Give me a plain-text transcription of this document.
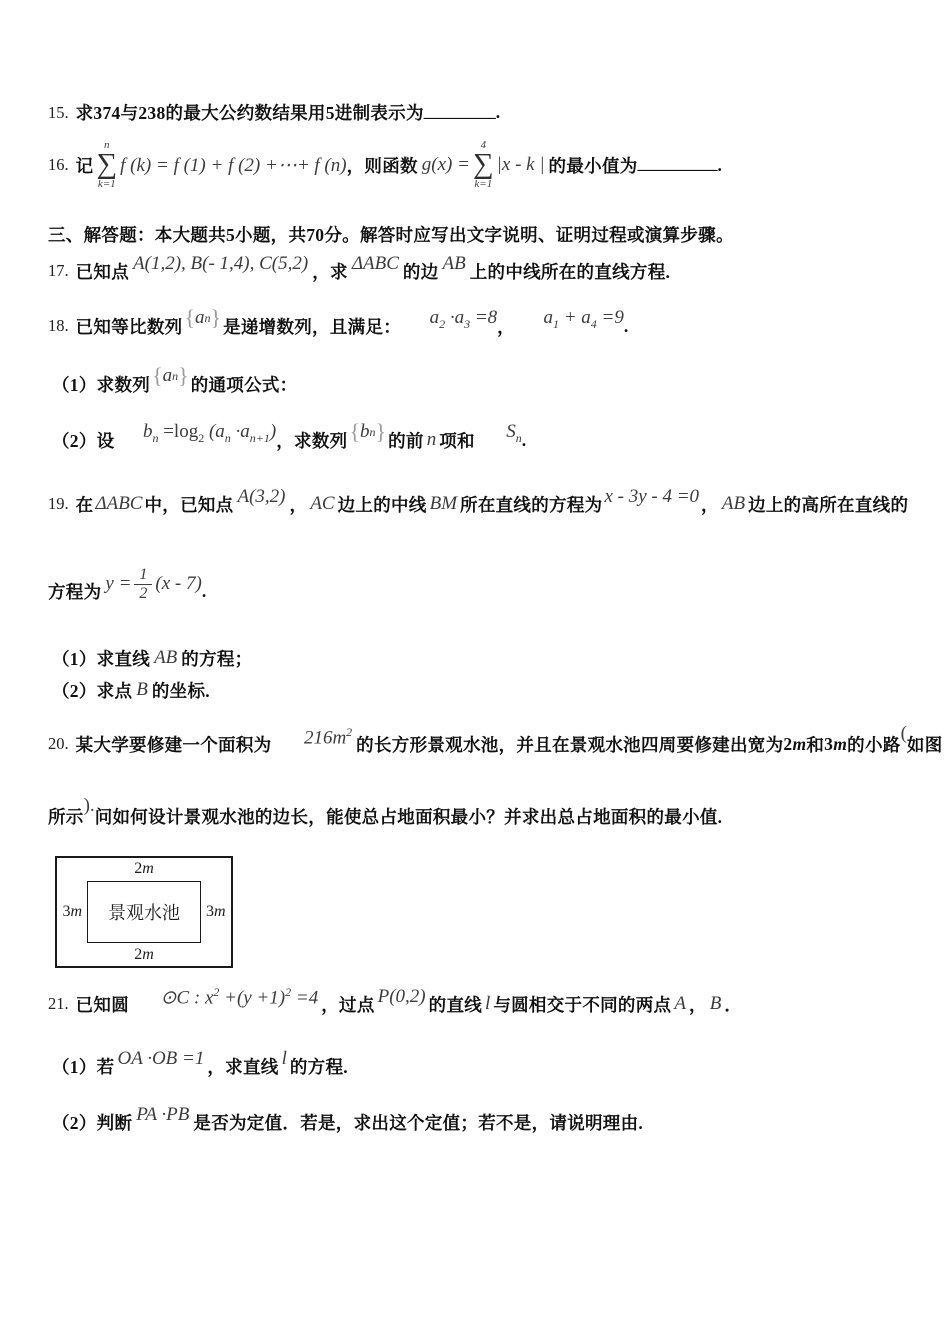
15. 求374与238的最大公约数结果用5进制表示为 _________ .
16. 记
n
∑
k=1
f (k) = f (1) + f (2) +⋯+ f (n) ， 则函数 g(x) =
4
∑
k=1
|x - k | 的最小值为 __________ .
三、解答题：本大题共5小题，共70分。解答时应写出文字说明、证明过程或演算步骤。
17. 已知点 A(1,2), B(- 1,4), C(5,2) ， 求 ΔABC 的边 AB 上的中线所在的直线方程.
18. 已知等比数列 { a n } 是递增数列，且满足：	$a_2 \cdot a_3 =8$
，	$a_1 + a_4 =9$
.
（1） 求数列 { a n } 的通项公式：
（2） 设	$b_n =\log_2$ $(a_n \cdot a_{n+1})$
， 求数列 { b n } 的前 n 项和	$S_n$
.
19. 在 ΔABC 中，已知点 A(3,2) ， AC 边上的中线 BM 所在直线的方程为 x - 3y - 4 =0 ， AB 边上的高所在直线的
方程为 $y = \frac{1}{2} (x - 7)$ .
（1） 求直线 AB 的方程；
（2） 求点 B 的坐标.
20. 某大学要修建一个面积为	$216m^2$

的长方形景观水池，并且在景观水池四周要修建出宽为 2m 和 3m 的小路
(
如图
所示
).
问如何设计景观水池的边长，能使总占地面积最小？并求出总占地面积的最小值.
2 m
3 m 景观水池 3 m
2 m
21. 已知圆	⊙C : $x^2 +(y +1)^2 =4$
， 过点 P(0,2) 的直线 l 与圆相交于不同的两点 A ， B ．
（1） 若 OA ·OB =1 ， 求直线 l 的方程.
（2） 判断 PA ·PB 是否为定值．若是，求出这个定值；若不是，请说明理由.
